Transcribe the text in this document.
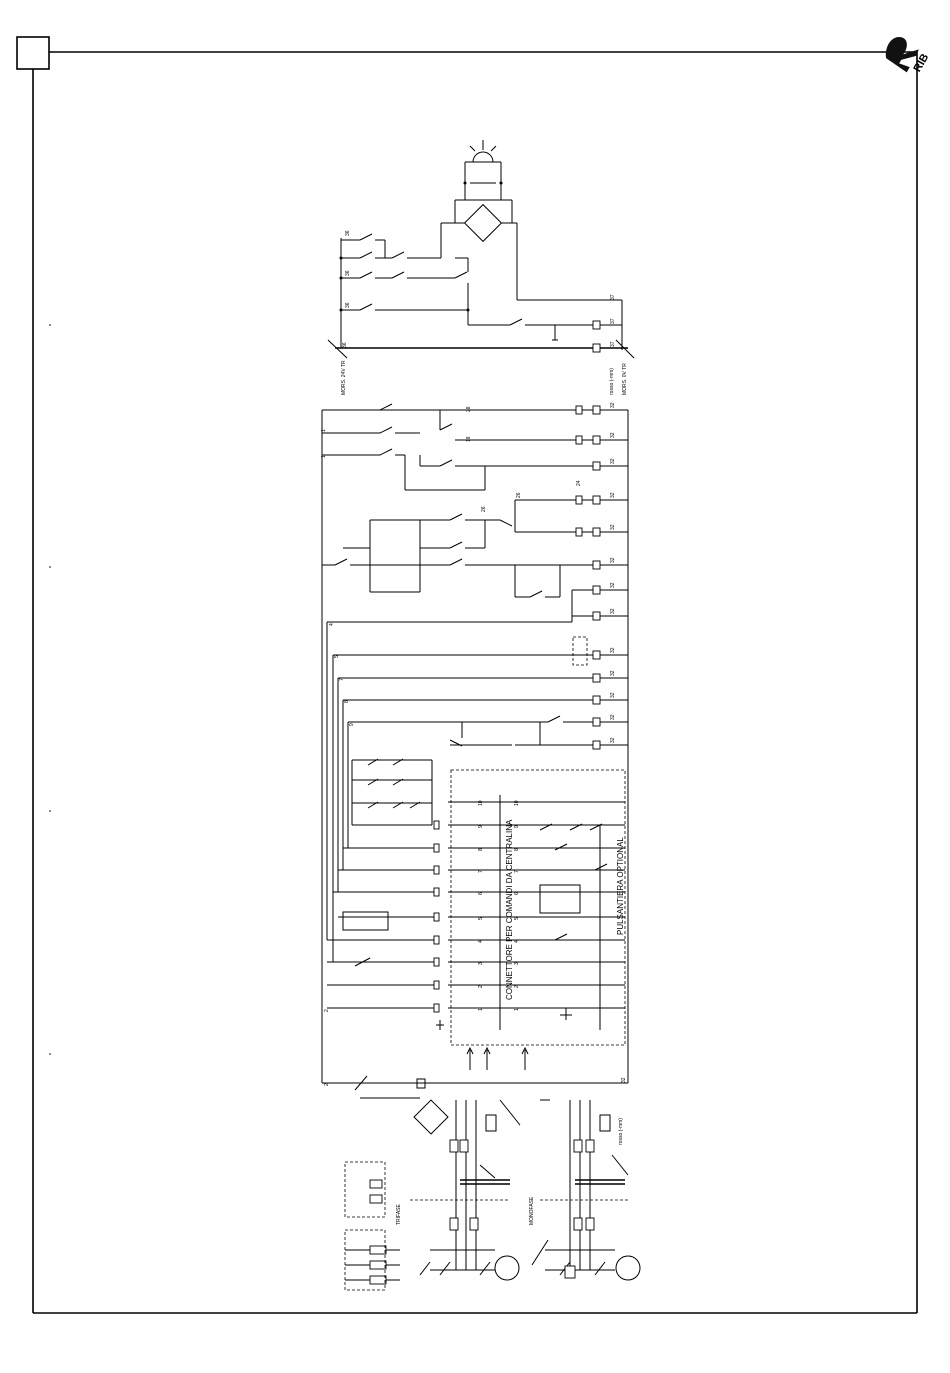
RIB
MORS. 24V TR	MORS. 0V TR
CONNETTORE PER COMANDI DA CENTRALINA	PULSANTIERA OPTIONAL
TRIFASE	MONOFASE
36
36
36
36
37
37
37
32
32
32
32
32
32
32
32
32
32
32
32
32
24
28
18
26
26
1
1
4
5
7
8
9
2
2
32
10
9
8
7
6
5
4
3
2
1
10
9
8
7
6
5
4
3
2
1
rosso (-mm)
rosso (-mm)
